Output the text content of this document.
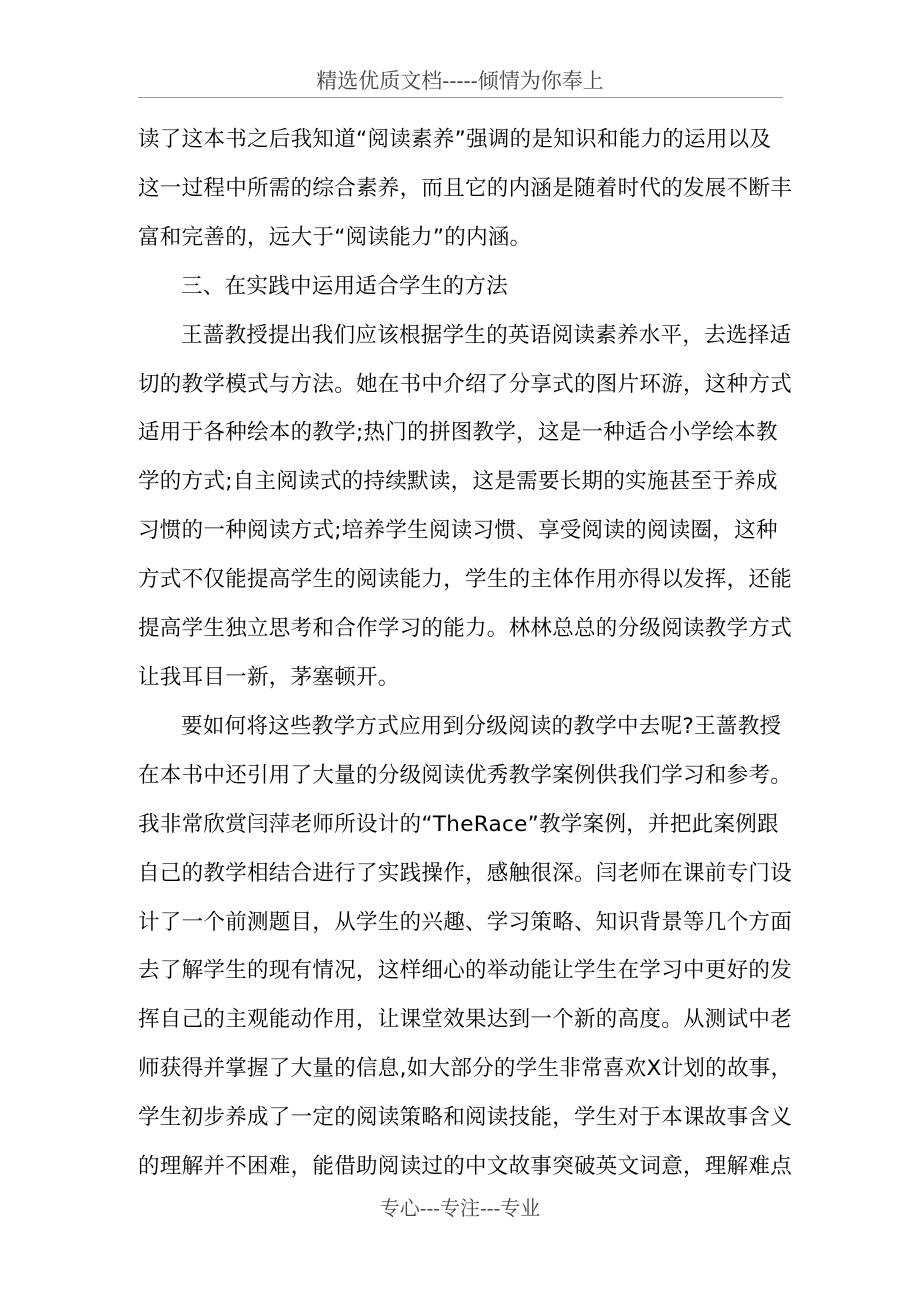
精选优质文档-----倾情为你奉上

读了这本书之后我知道“阅读素养”强调的是知识和能力的运用以及
这一过程中所需的综合素养，而且它的内涵是随着时代的发展不断丰
富和完善的，远大于“阅读能力”的内涵。

三、在实践中运用适合学生的方法

王蔷教授提出我们应该根据学生的英语阅读素养水平，去选择适
切的教学模式与方法。她在书中介绍了分享式的图片环游，这种方式
适用于各种绘本的教学;热门的拼图教学，这是一种适合小学绘本教
学的方式;自主阅读式的持续默读，这是需要长期的实施甚至于养成
习惯的一种阅读方式;培养学生阅读习惯、享受阅读的阅读圈，这种
方式不仅能提高学生的阅读能力，学生的主体作用亦得以发挥，还能
提高学生独立思考和合作学习的能力。林林总总的分级阅读教学方式
让我耳目一新，茅塞顿开。

要如何将这些教学方式应用到分级阅读的教学中去呢?王蔷教授
在本书中还引用了大量的分级阅读优秀教学案例供我们学习和参考。
我非常欣赏闫萍老师所设计的“TheRace”教学案例，并把此案例跟
自己的教学相结合进行了实践操作，感触很深。闫老师在课前专门设
计了一个前测题目，从学生的兴趣、学习策略、知识背景等几个方面
去了解学生的现有情况，这样细心的举动能让学生在学习中更好的发
挥自己的主观能动作用，让课堂效果达到一个新的高度。从测试中老
师获得并掌握了大量的信息,如大部分的学生非常喜欢X计划的故事，
学生初步养成了一定的阅读策略和阅读技能，学生对于本课故事含义
的理解并不困难，能借助阅读过的中文故事突破英文词意，理解难点

专心---专注---专业
